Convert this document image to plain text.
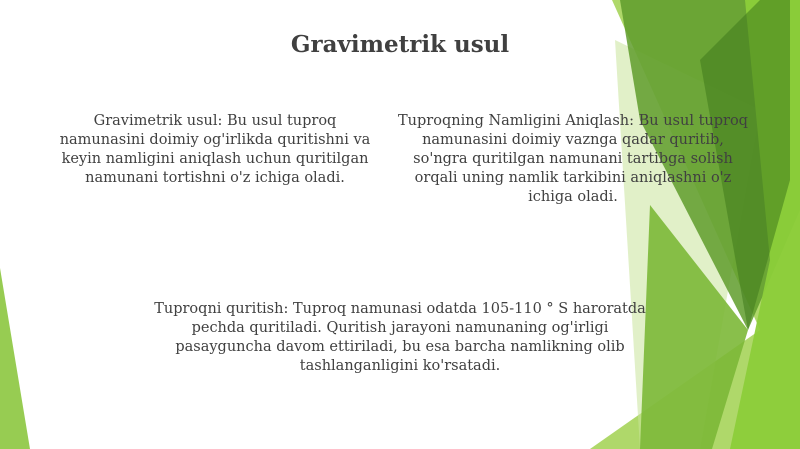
Gravimetrik usul
Gravimetrik usul: Bu usul tuproq namunasini doimiy og'irlikda quritishni va keyin namligini aniqlash uchun quritilgan namunani tortishni o'z ichiga oladi.
Tuproqning Namligini Aniqlash: Bu usul tuproq namunasini doimiy vaznga qadar quritib, so'ngra quritilgan namunani tartibga solish orqali uning namlik tarkibini aniqlashni o'z ichiga oladi.
Tuproqni quritish: Tuproq namunasi odatda 105-110 ° S haroratda pechda quritiladi. Quritish jarayoni namunaning og'irligi pasayguncha davom ettiriladi, bu esa barcha namlikning olib tashlanganligini ko'rsatadi.
